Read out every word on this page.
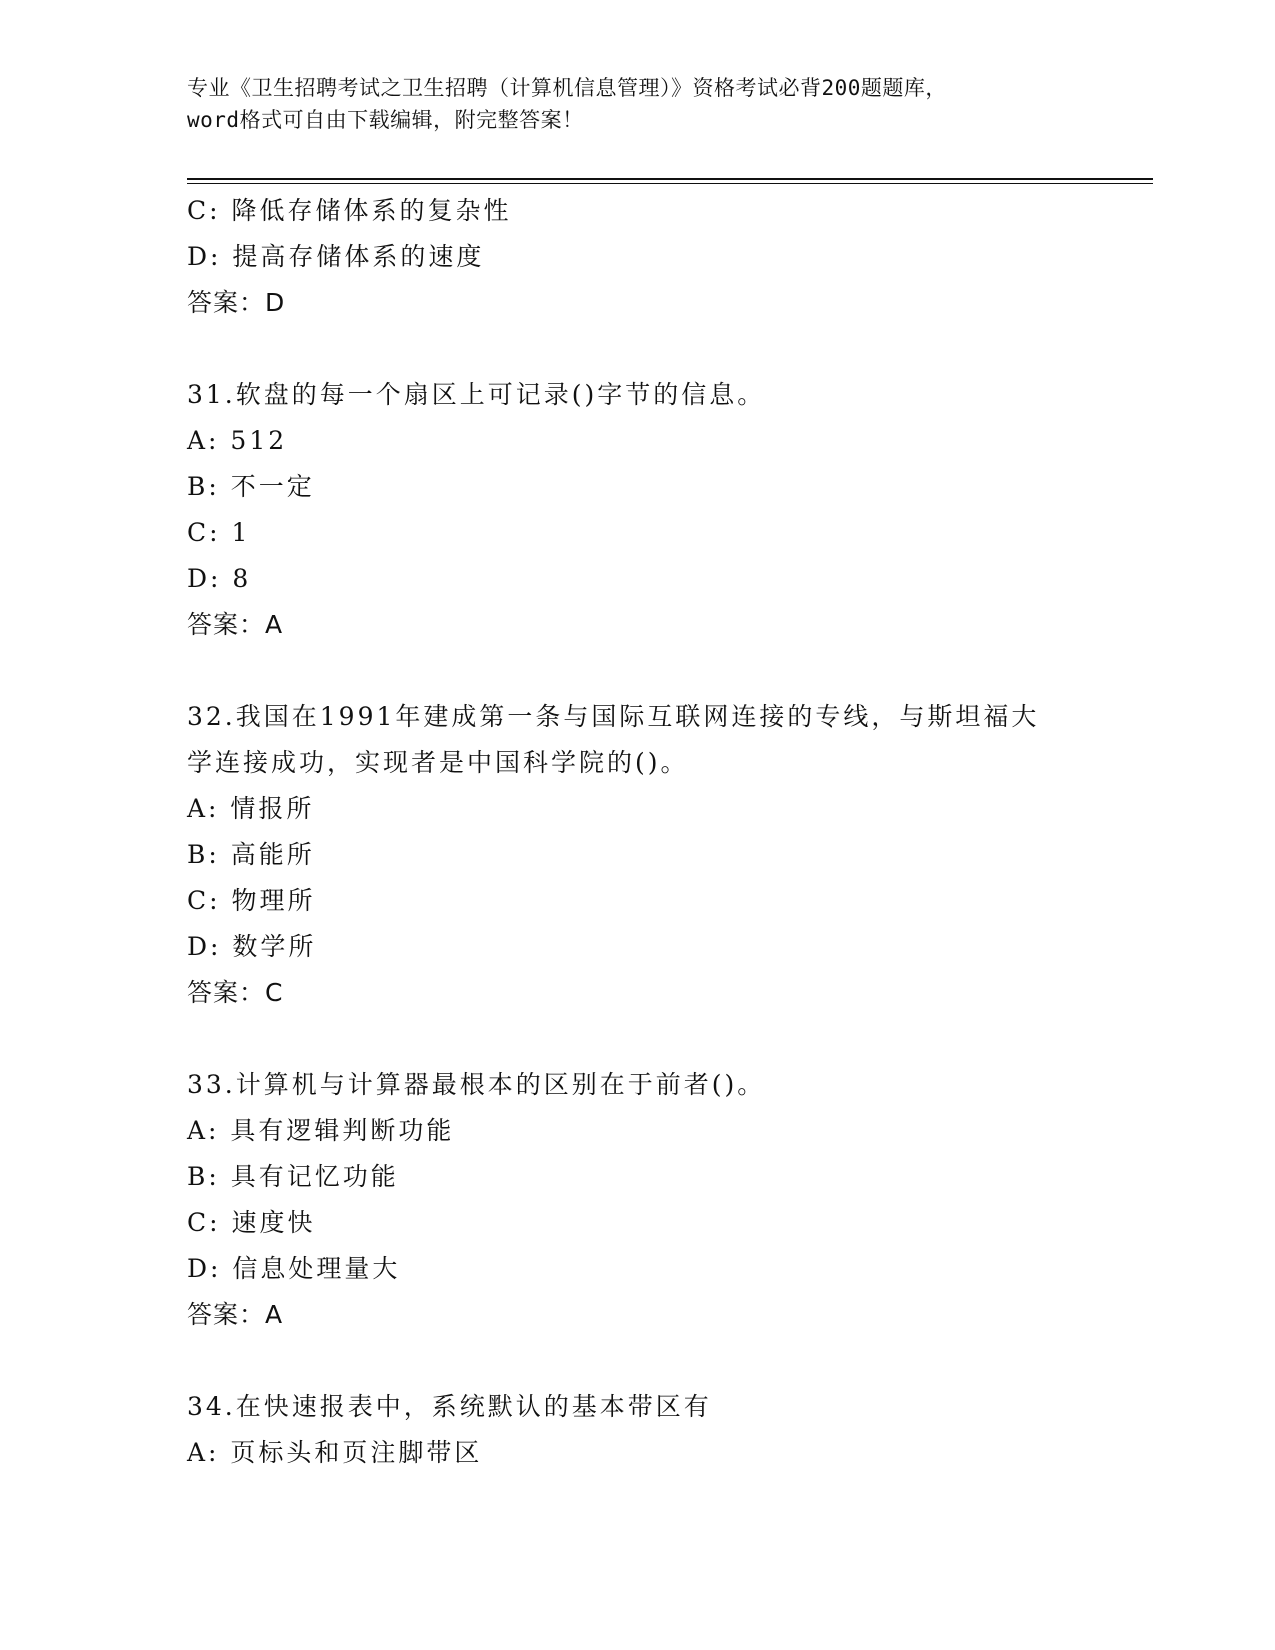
专业《卫生招聘考试之卫生招聘（计算机信息管理）》资格考试必背200题题库，
word格式可自由下载编辑，附完整答案！
C: 降低存储体系的复杂性
D: 提高存储体系的速度
答案：D
31.软盘的每一个扇区上可记录()字节的信息。
A: 512
B: 不一定
C: 1
D: 8
答案：A
32.我国在1991年建成第一条与国际互联网连接的专线，与斯坦福大学连接成功，实现者是中国科学院的()。
A: 情报所
B: 高能所
C: 物理所
D: 数学所
答案：C
33.计算机与计算器最根本的区别在于前者()。
A: 具有逻辑判断功能
B: 具有记忆功能
C: 速度快
D: 信息处理量大
答案：A
34.在快速报表中，系统默认的基本带区有
A: 页标头和页注脚带区
